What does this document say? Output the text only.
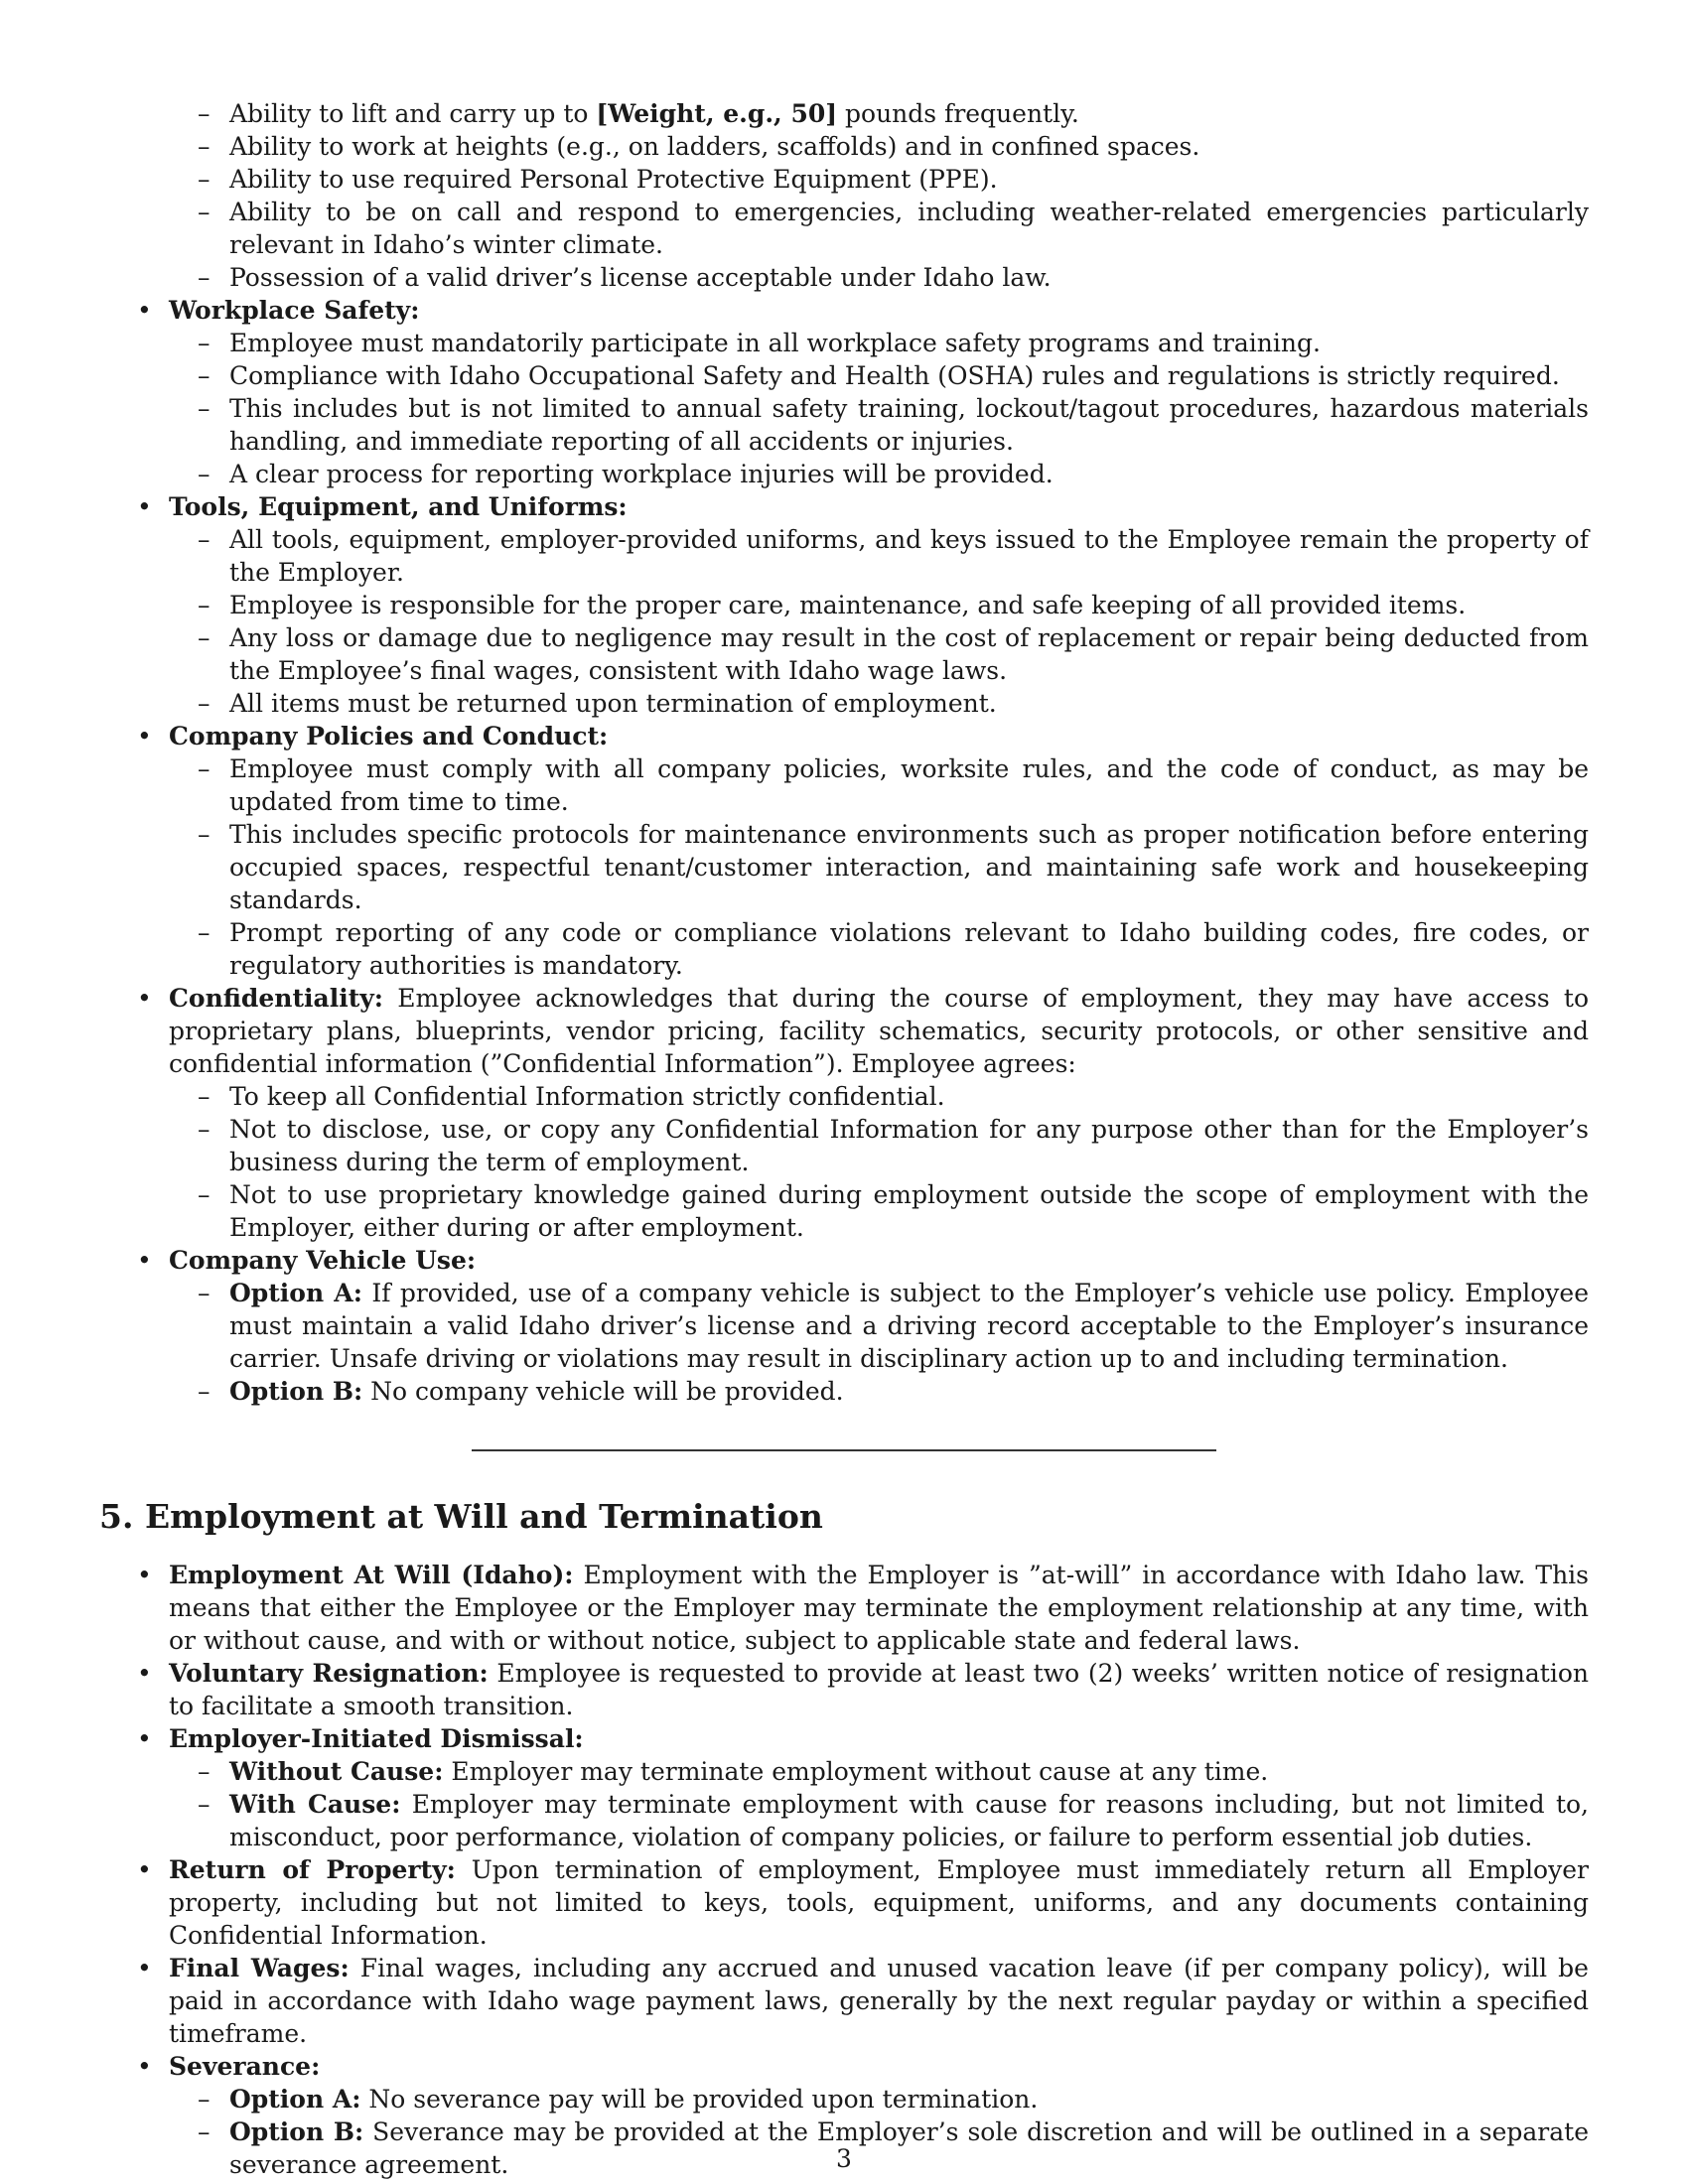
– Ability to lift and carry up to [Weight, e.g., 50] pounds frequently.
– Ability to work at heights (e.g., on ladders, scaffolds) and in confined spaces.
– Ability to use required Personal Protective Equipment (PPE).
– Ability to be on call and respond to emergencies, including weather-related emergencies particularly relevant in Idaho’s winter climate.
– Possession of a valid driver’s license acceptable under Idaho law.
• Workplace Safety:
– Employee must mandatorily participate in all workplace safety programs and training.
– Compliance with Idaho Occupational Safety and Health (OSHA) rules and regulations is strictly required.
– This includes but is not limited to annual safety training, lockout/tagout procedures, hazardous materials handling, and immediate reporting of all accidents or injuries.
– A clear process for reporting workplace injuries will be provided.
• Tools, Equipment, and Uniforms:
– All tools, equipment, employer-provided uniforms, and keys issued to the Employee remain the property of the Employer.
– Employee is responsible for the proper care, maintenance, and safe keeping of all provided items.
– Any loss or damage due to negligence may result in the cost of replacement or repair being deducted from the Employee’s final wages, consistent with Idaho wage laws.
– All items must be returned upon termination of employment.
• Company Policies and Conduct:
– Employee must comply with all company policies, worksite rules, and the code of conduct, as may be updated from time to time.
– This includes specific protocols for maintenance environments such as proper notification before entering occupied spaces, respectful tenant/customer interaction, and maintaining safe work and housekeeping standards.
– Prompt reporting of any code or compliance violations relevant to Idaho building codes, fire codes, or regulatory authorities is mandatory.
• Confidentiality: Employee acknowledges that during the course of employment, they may have access to proprietary plans, blueprints, vendor pricing, facility schematics, security protocols, or other sensitive and confidential information (”Confidential Information”). Employee agrees:
– To keep all Confidential Information strictly confidential.
– Not to disclose, use, or copy any Confidential Information for any purpose other than for the Employer’s business during the term of employment.
– Not to use proprietary knowledge gained during employment outside the scope of employment with the Employer, either during or after employment.
• Company Vehicle Use:
– Option A: If provided, use of a company vehicle is subject to the Employer’s vehicle use policy. Employee must maintain a valid Idaho driver’s license and a driving record acceptable to the Employer’s insurance carrier. Unsafe driving or violations may result in disciplinary action up to and including termination.
– Option B: No company vehicle will be provided.
5. Employment at Will and Termination
• Employment At Will (Idaho): Employment with the Employer is ”at-will” in accordance with Idaho law. This means that either the Employee or the Employer may terminate the employment relationship at any time, with or without cause, and with or without notice, subject to applicable state and federal laws.
• Voluntary Resignation: Employee is requested to provide at least two (2) weeks’ written notice of resignation to facilitate a smooth transition.
• Employer-Initiated Dismissal:
– Without Cause: Employer may terminate employment without cause at any time.
– With Cause: Employer may terminate employment with cause for reasons including, but not limited to, misconduct, poor performance, violation of company policies, or failure to perform essential job duties.
• Return of Property: Upon termination of employment, Employee must immediately return all Employer property, including but not limited to keys, tools, equipment, uniforms, and any documents containing Confidential Information.
• Final Wages: Final wages, including any accrued and unused vacation leave (if per company policy), will be paid in accordance with Idaho wage payment laws, generally by the next regular payday or within a specified timeframe.
• Severance:
– Option A: No severance pay will be provided upon termination.
– Option B: Severance may be provided at the Employer’s sole discretion and will be outlined in a separate severance agreement.	3
